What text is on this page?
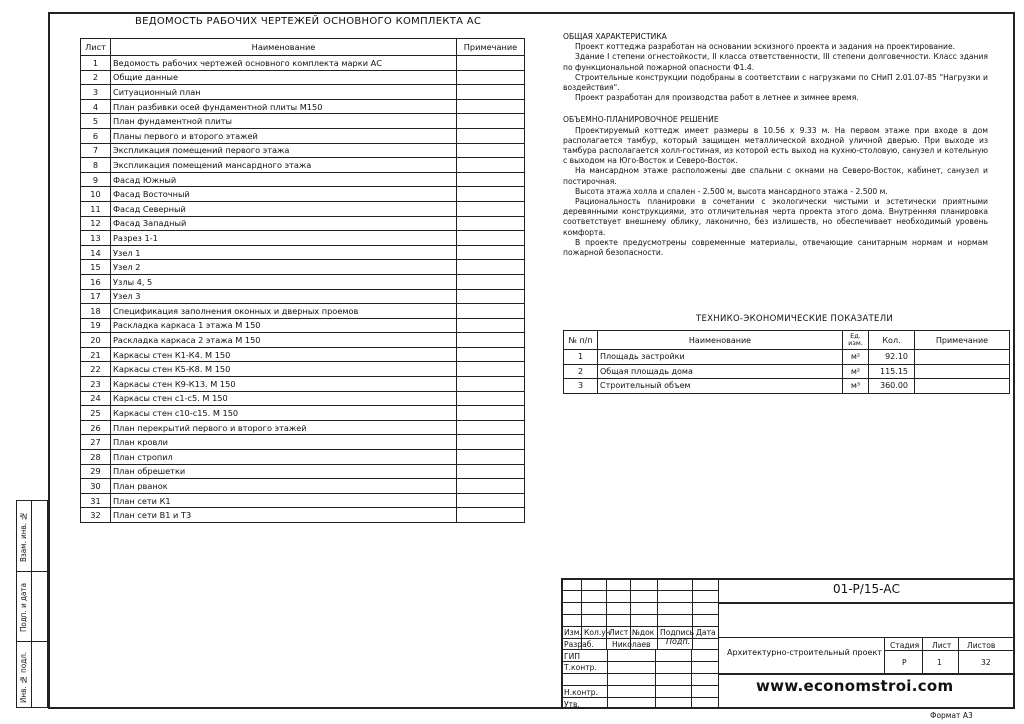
Взам. инв. №
Подп. и дата
Инв. № подл.
ВЕДОМОСТЬ РАБОЧИХ ЧЕРТЕЖЕЙ ОСНОВНОГО КОМПЛЕКТА АС
Лист	Наименование	Примечание
1	Ведомость рабочих чертежей основного комплекта марки АС	
2	Общие данные	
3	Ситуационный план	
4	План разбивки осей фундаментной плиты М150	
5	План фундаментной плиты	
6	Планы первого и второго этажей	
7	Экспликация помещений первого этажа	
8	Экспликация помещений мансардного этажа	
9	Фасад Южный	
10	Фасад Восточный	
11	Фасад Северный	
12	Фасад Западный	
13	Разрез 1-1	
14	Узел 1	
15	Узел 2	
16	Узлы 4, 5	
17	Узел 3	
18	Спецификация заполнения оконных и дверных проемов	
19	Раскладка каркаса 1 этажа М 150	
20	Раскладка каркаса 2 этажа М 150	
21	Каркасы стен К1-К4. М 150	
22	Каркасы стен К5-К8. М 150	
23	Каркасы стен К9-К13. М 150	
24	Каркасы стен с1-с5. М 150	
25	Каркасы стен с10-с15. М 150	
26	План перекрытий первого и второго этажей	
27	План кровли	
28	План стропил	
29	План обрешетки	
30	План рванок	
31	План сети К1	
32	План сети В1 и Т3	
ОБЩАЯ ХАРАКТЕРИСТИКА

Проект коттеджа разработан на основании эскизного проекта и задания на проектирование.

Здание I степени огнестойкости, II класса ответственности, III степени долговечности. Класс здания по функциональной пожарной опасности Ф1.4.

Строительные конструкции подобраны в соответствии с нагрузками по СНиП 2.01.07-85 "Нагрузки и воздействия".

Проект разработан для производства работ в летнее и зимнее время.

ОБЪЕМНО-ПЛАНИРОВОЧНОЕ РЕШЕНИЕ

Проектируемый коттедж имеет размеры в 10.56 х 9.33 м. На первом этаже при входе в дом располагается тамбур, который защищен металлической входной уличной дверью. При выходе из тамбура располагается холл-гостиная, из которой есть выход на кухню-столовую, санузел и котельную с выходом на Юго-Восток и Северо-Восток.

На мансардном этаже расположены две спальни с окнами на Северо-Восток, кабинет, санузел и постирочная.

Высота этажа холла и спален - 2.500 м, высота мансардного этажа - 2.500 м.

Рациональность планировки в сочетании с экологически чистыми и эстетически приятными деревянными конструкциями, это отличительная черта проекта этого дома. Внутренняя планировка соответствует внешнему облику, лаконично, без излишеств, но обеспечивает необходимый уровень комфорта.

В проекте предусмотрены современные материалы, отвечающие санитарным нормам и нормам пожарной безопасности.

ТЕХНИКО-ЭКОНОМИЧЕСКИЕ ПОКАЗАТЕЛИ
№ п/п	Наименование	Ед. изм.	Кол.	Примечание
1	Площадь застройки	м²	92.10	
2	Общая площадь дома	м²	115.15	
3	Строительный объем	м³	360.00	
01-Р/15-АС
Архитектурно-строительный проект
www.economstroi.com
Формат А3
Подп.
Изм. Кол.уч
Лист №док Подпись Дата
Разраб. Николаев
ГИП
Т.контр.
Н.контр.
Утв.
Стадия Лист Листов
Р	1	32
